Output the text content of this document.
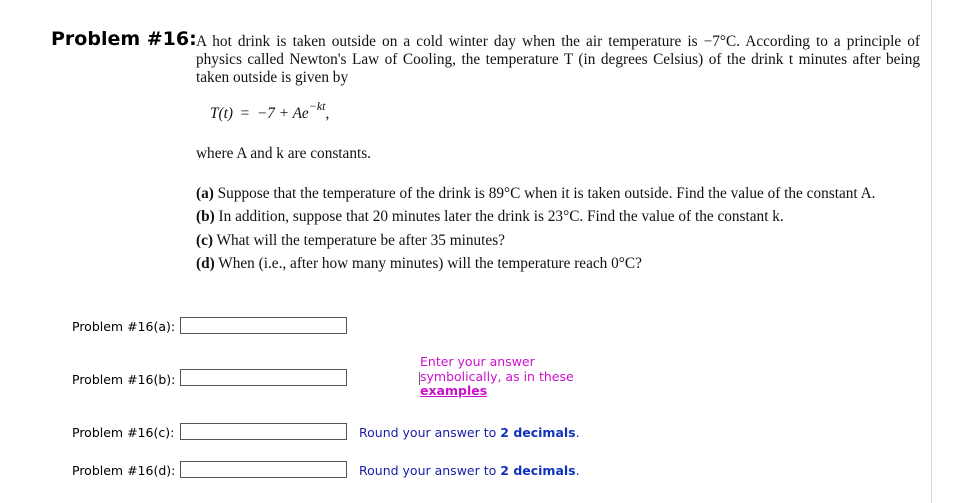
Problem #16: A hot drink is taken outside on a cold winter day when the air temperature is −7°C. According to a principle of physics called Newton's Law of Cooling, the temperature T (in degrees Celsius) of the drink t minutes after being taken outside is given by
$T(t) = -7 + Ae^{-kt}$,
where A and k are constants.
(a) Suppose that the temperature of the drink is 89°C when it is taken outside. Find the value of the constant A.
(b) In addition, suppose that 20 minutes later the drink is 23°C. Find the value of the constant k.
(c) What will the temperature be after 35 minutes?
(d) When (i.e., after how many minutes) will the temperature reach 0°C?
Problem #16(a):
Problem #16(b):
Enter your answer
symbolically, as in these
examples
Problem #16(c):	Round your answer to 2 decimals.
Problem #16(d):	Round your answer to 2 decimals.
